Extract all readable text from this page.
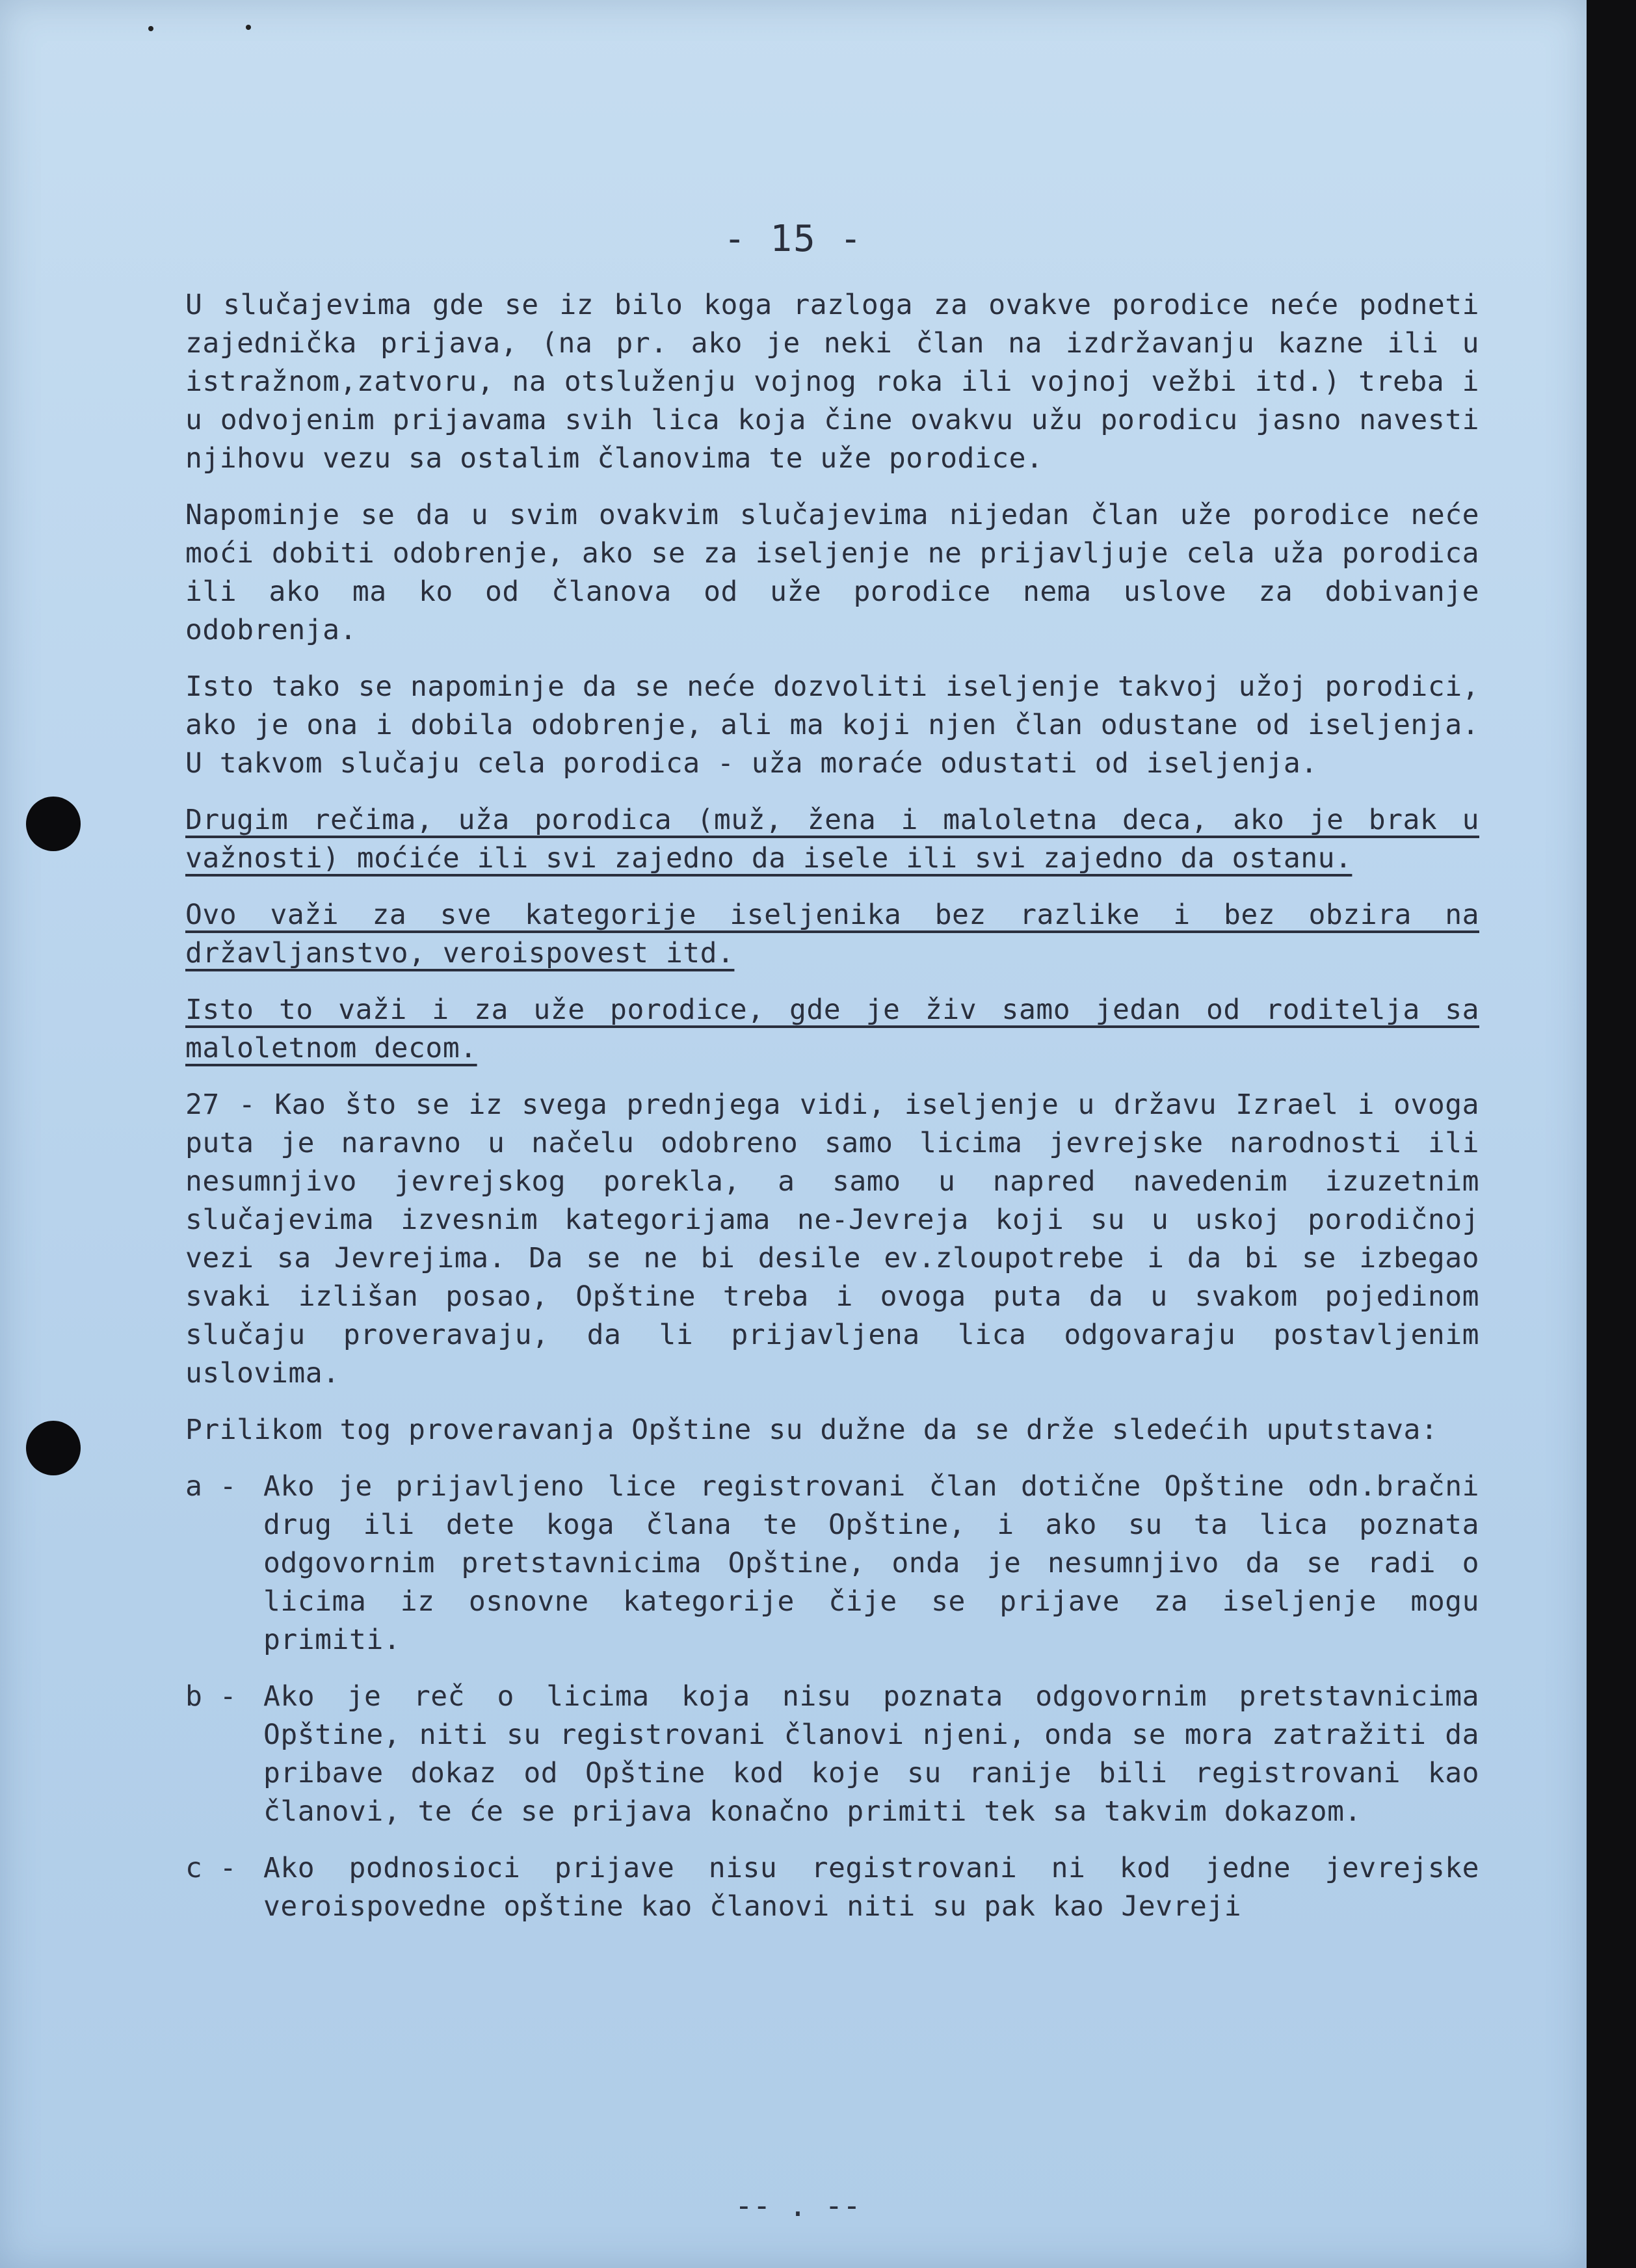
- 15 -

U slučajevima gde se iz bilo koga razloga za ovakve porodice neće podneti zajednička prijava, (na pr. ako je neki član na izdržavanju kazne ili u istražnom,zatvoru, na otsluženju vojnog roka ili vojnoj vežbi itd.) treba i u odvojenim prijavama svih lica koja čine ovakvu užu porodicu jasno navesti njihovu vezu sa ostalim članovima te uže porodice.

Napominje se da u svim ovakvim slučajevima nijedan član uže porodice neće moći dobiti odobrenje, ako se za iseljenje ne prijavljuje cela uža porodica ili ako ma ko od članova od uže porodice nema uslove za dobivanje odobrenja.

Isto tako se napominje da se neće dozvoliti iseljenje takvoj užoj porodici, ako je ona i dobila odobrenje, ali ma koji njen član odustane od iseljenja. U takvom slučaju cela porodica - uža moraće odustati od iseljenja.

Drugim rečima, uža porodica (muž, žena i maloletna deca, ako je brak u važnosti) moćiće ili svi zajedno da isele ili svi zajedno da ostanu.

Ovo važi za sve kategorije iseljenika bez razlike i bez obzira na državljanstvo, veroispovest itd.

Isto to važi i za uže porodice, gde je živ samo jedan od roditelja sa maloletnom decom.

27 - Kao što se iz svega prednjega vidi, iseljenje u državu Izrael i ovoga puta je naravno u načelu odobreno samo licima jevrejske narodnosti ili nesumnjivo jevrejskog porekla, a samo u napred navedenim izuzetnim slučajevima izvesnim kategorijama ne-Jevreja koji su u uskoj porodičnoj vezi sa Jevrejima. Da se ne bi desile ev.zloupotrebe i da bi se izbegao svaki izlišan posao, Opštine treba i ovoga puta da u svakom pojedinom slučaju proveravaju, da li prijavljena lica odgovaraju postavljenim uslovima.

Prilikom tog proveravanja Opštine su dužne da se drže sledećih uputstava:

a - Ako je prijavljeno lice registrovani član dotične Opštine odn.bračni drug ili dete koga člana te Opštine, i ako su ta lica poznata odgovornim pretstavnicima Opštine, onda je nesumnjivo da se radi o licima iz osnovne kategorije čije se prijave za iseljenje mogu primiti.
b - Ako je reč o licima koja nisu poznata odgovornim pretstavnicima Opštine, niti su registrovani članovi njeni, onda se mora zatražiti da pribave dokaz od Opštine kod koje su ranije bili registrovani kao članovi, te će se prijava konačno primiti tek sa takvim dokazom.
c - Ako podnosioci prijave nisu registrovani ni kod jedne jevrejske veroispovedne opštine kao članovi niti su pak kao Jevreji
-- . --
